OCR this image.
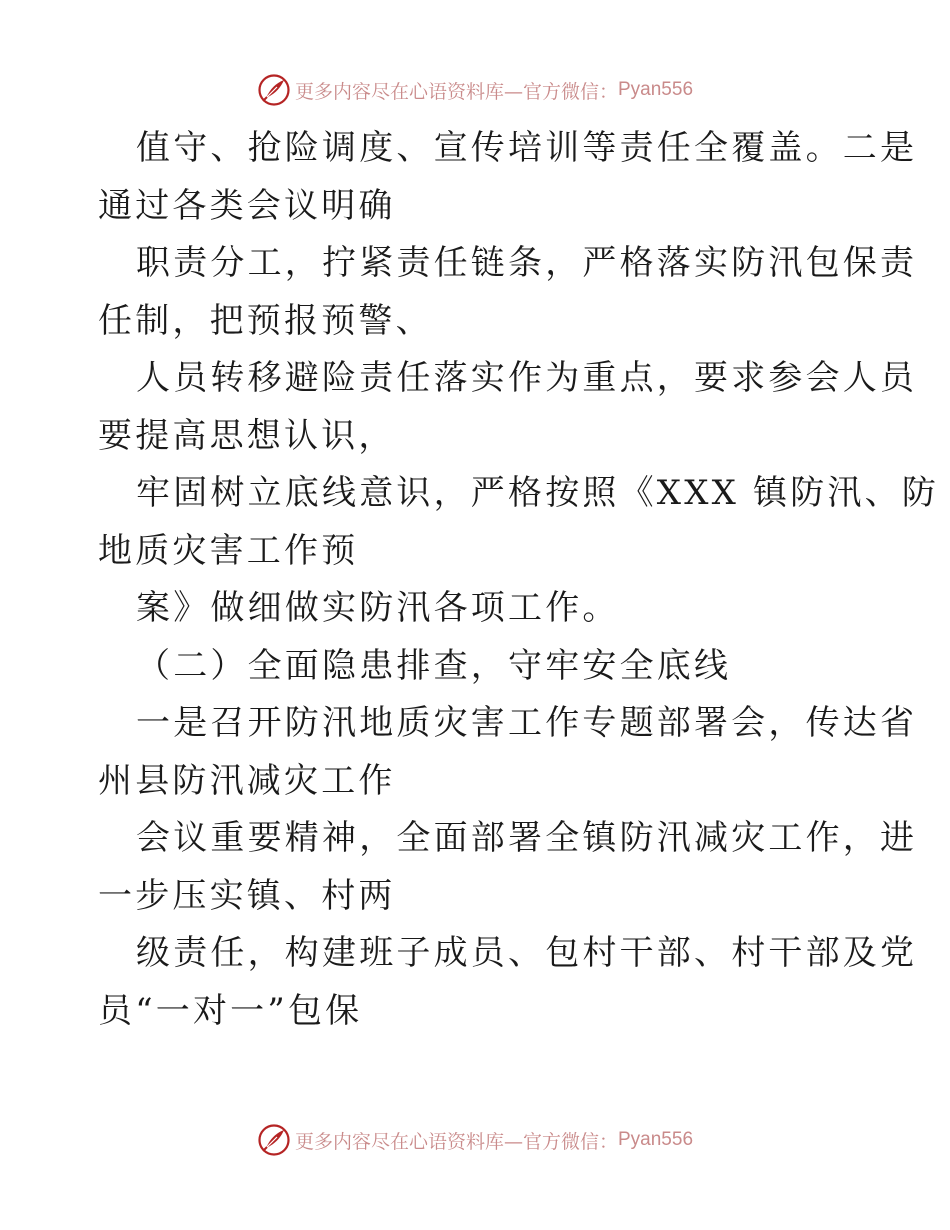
更多内容尽在心语资料库—官方微信： Pyan556
值守、抢险调度、宣传培训等责任全覆盖。二是
通过各类会议明确
职责分工，拧紧责任链条，严格落实防汛包保责
任制，把预报预警、
人员转移避险责任落实作为重点，要求参会人员
要提高思想认识，
牢固树立底线意识，严格按照《XXX 镇防汛、防
地质灾害工作预
案》做细做实防汛各项工作。
（二）全面隐患排查，守牢安全底线
一是召开防汛地质灾害工作专题部署会，传达省
州县防汛减灾工作
会议重要精神，全面部署全镇防汛减灾工作，进
一步压实镇、村两
级责任，构建班子成员、包村干部、村干部及党
员“一对一”包保
更多内容尽在心语资料库—官方微信： Pyan556
